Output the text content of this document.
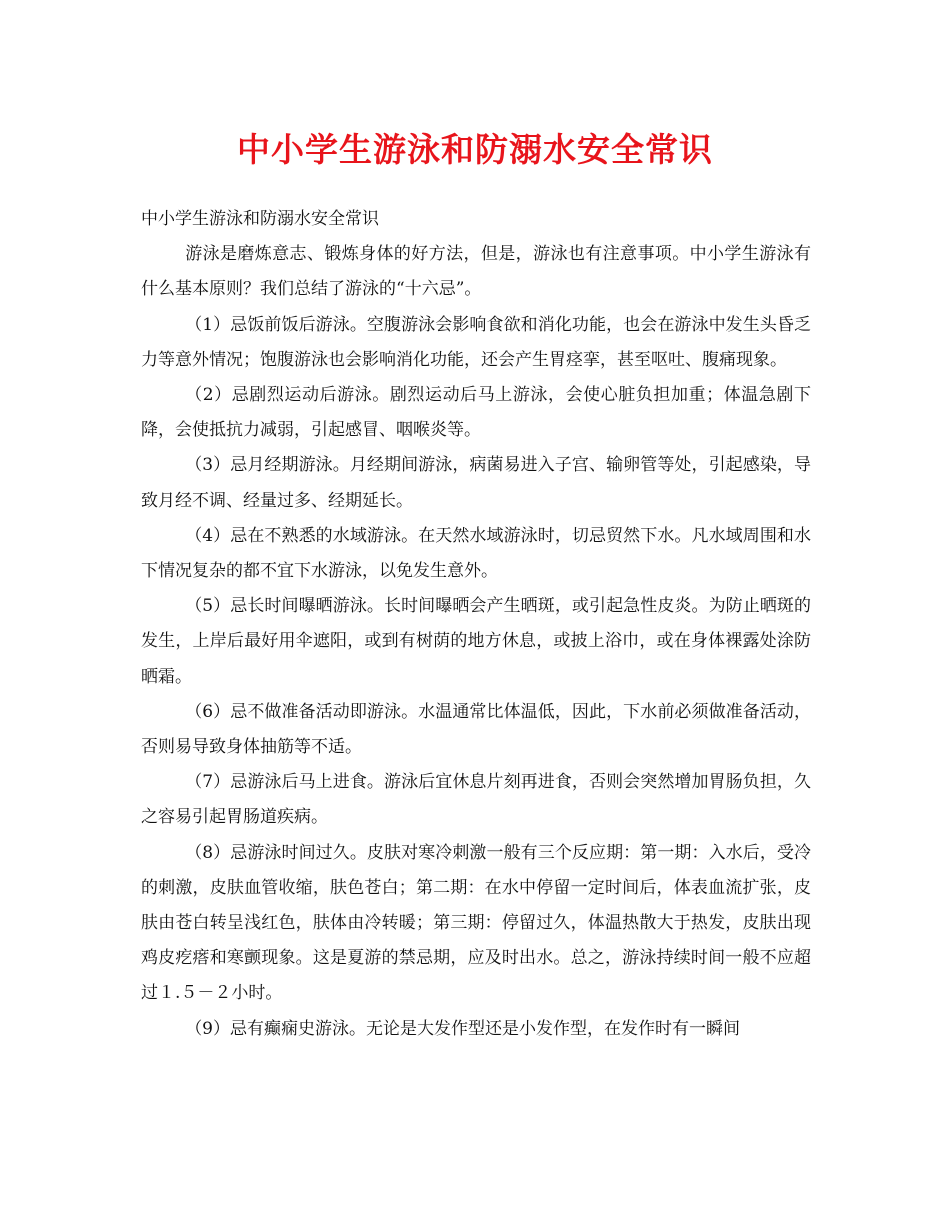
中小学生游泳和防溺水安全常识

中小学生游泳和防溺水安全常识

游泳是磨炼意志、锻炼身体的好方法，但是，游泳也有注意事项。中小学生游泳有什么基本原则？我们总结了游泳的“十六忌”。

（1）忌饭前饭后游泳。空腹游泳会影响食欲和消化功能，也会在游泳中发生头昏乏力等意外情况；饱腹游泳也会影响消化功能，还会产生胃痉挛，甚至呕吐、腹痛现象。

（2）忌剧烈运动后游泳。剧烈运动后马上游泳，会使心脏负担加重；体温急剧下降，会使抵抗力减弱，引起感冒、咽喉炎等。

（3）忌月经期游泳。月经期间游泳，病菌易进入子宫、输卵管等处，引起感染，导致月经不调、经量过多、经期延长。

（4）忌在不熟悉的水域游泳。在天然水域游泳时，切忌贸然下水。凡水域周围和水下情况复杂的都不宜下水游泳，以免发生意外。

（5）忌长时间曝晒游泳。长时间曝晒会产生晒斑，或引起急性皮炎。为防止晒斑的发生，上岸后最好用伞遮阳，或到有树荫的地方休息，或披上浴巾，或在身体裸露处涂防晒霜。

（6）忌不做准备活动即游泳。水温通常比体温低，因此，下水前必须做准备活动，否则易导致身体抽筋等不适。

（7）忌游泳后马上进食。游泳后宜休息片刻再进食，否则会突然增加胃肠负担，久之容易引起胃肠道疾病。

（8）忌游泳时间过久。皮肤对寒冷刺激一般有三个反应期：第一期：入水后，受冷的刺激，皮肤血管收缩，肤色苍白；第二期：在水中停留一定时间后，体表血流扩张，皮肤由苍白转呈浅红色，肤体由冷转暖；第三期：停留过久，体温热散大于热发，皮肤出现鸡皮疙瘩和寒颤现象。这是夏游的禁忌期，应及时出水。总之，游泳持续时间一般不应超过１.５－２小时。

（9）忌有癫痫史游泳。无论是大发作型还是小发作型，在发作时有一瞬间
